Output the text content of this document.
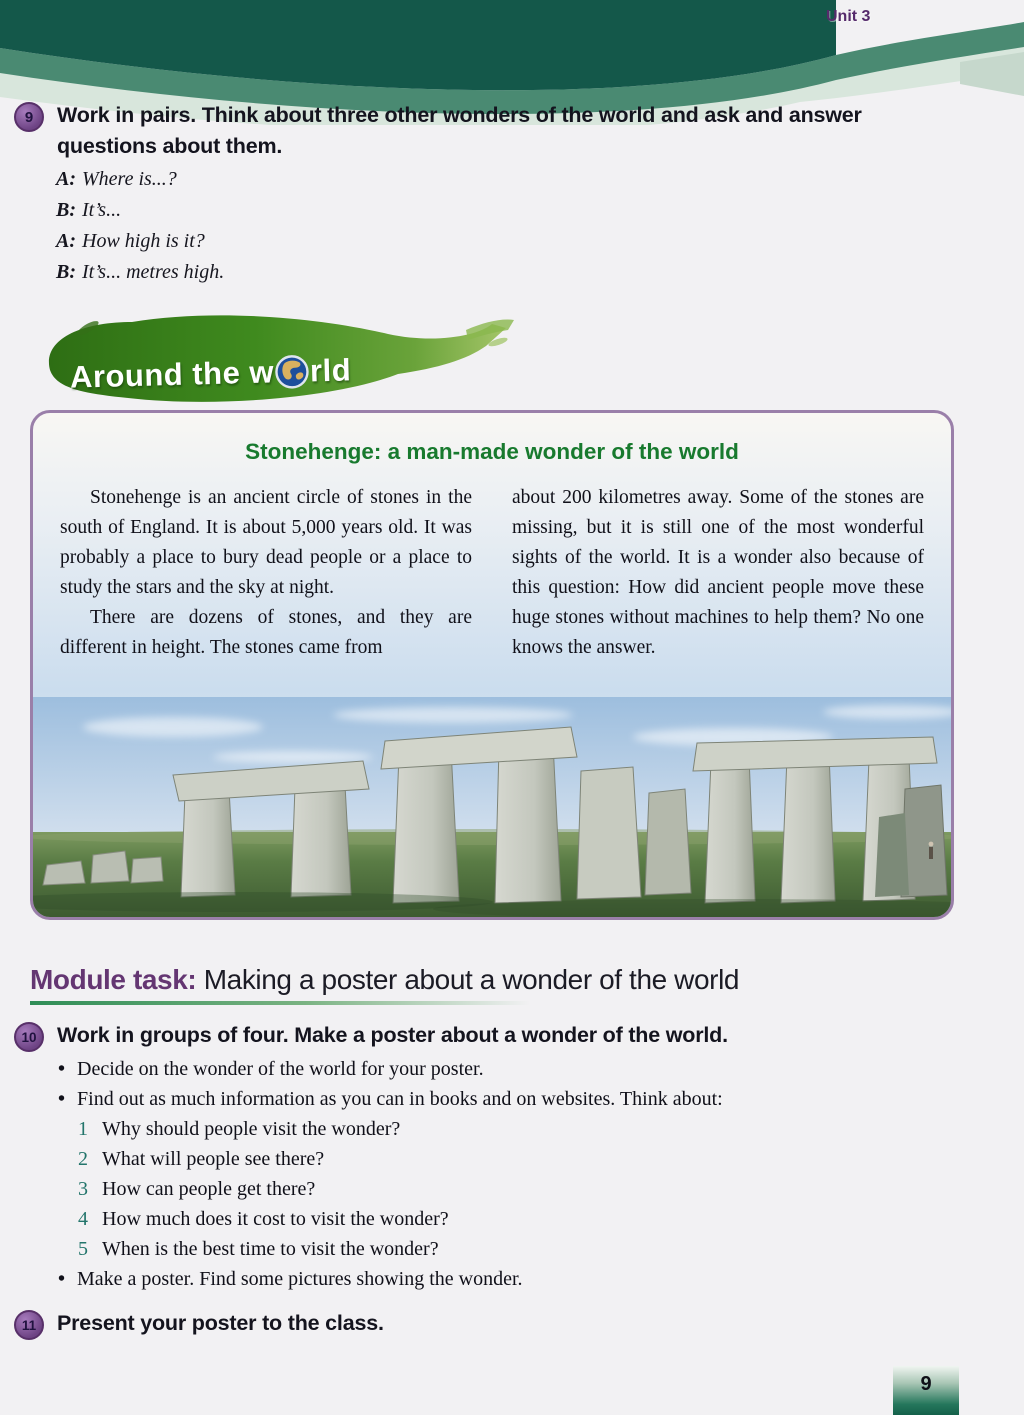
Unit 3
9	Work in pairs. Think about three other wonders of the world and ask and answer questions about them.
A: Where is...?
B: It’s...
A: How high is it?
B: It’s... metres high.
Around the w rld
Stonehenge: a man-made wonder of the world

Stonehenge is an ancient circle of stones in the south of England. It is about 5,000 years old. It was probably a place to bury dead people or a place to study the stars and the sky at night.

There are dozens of stones, and they are different in height. The stones came from

about 200 kilometres away. Some of the stones are missing, but it is still one of the most wonderful sights of the world. It is a wonder also because of this question: How did ancient people move these huge stones without machines to help them? No one knows the answer.

Module task: Making a poster about a wonder of the world
10 Work in groups of four. Make a poster about a wonder of the world.
• Decide on the wonder of the world for your poster.
• Find out as much information as you can in books and on websites. Think about:
1 Why should people visit the wonder?
2 What will people see there?
3 How can people get there?
4 How much does it cost to visit the wonder?
5 When is the best time to visit the wonder?
• Make a poster. Find some pictures showing the wonder.
11 Present your poster to the class.
9
